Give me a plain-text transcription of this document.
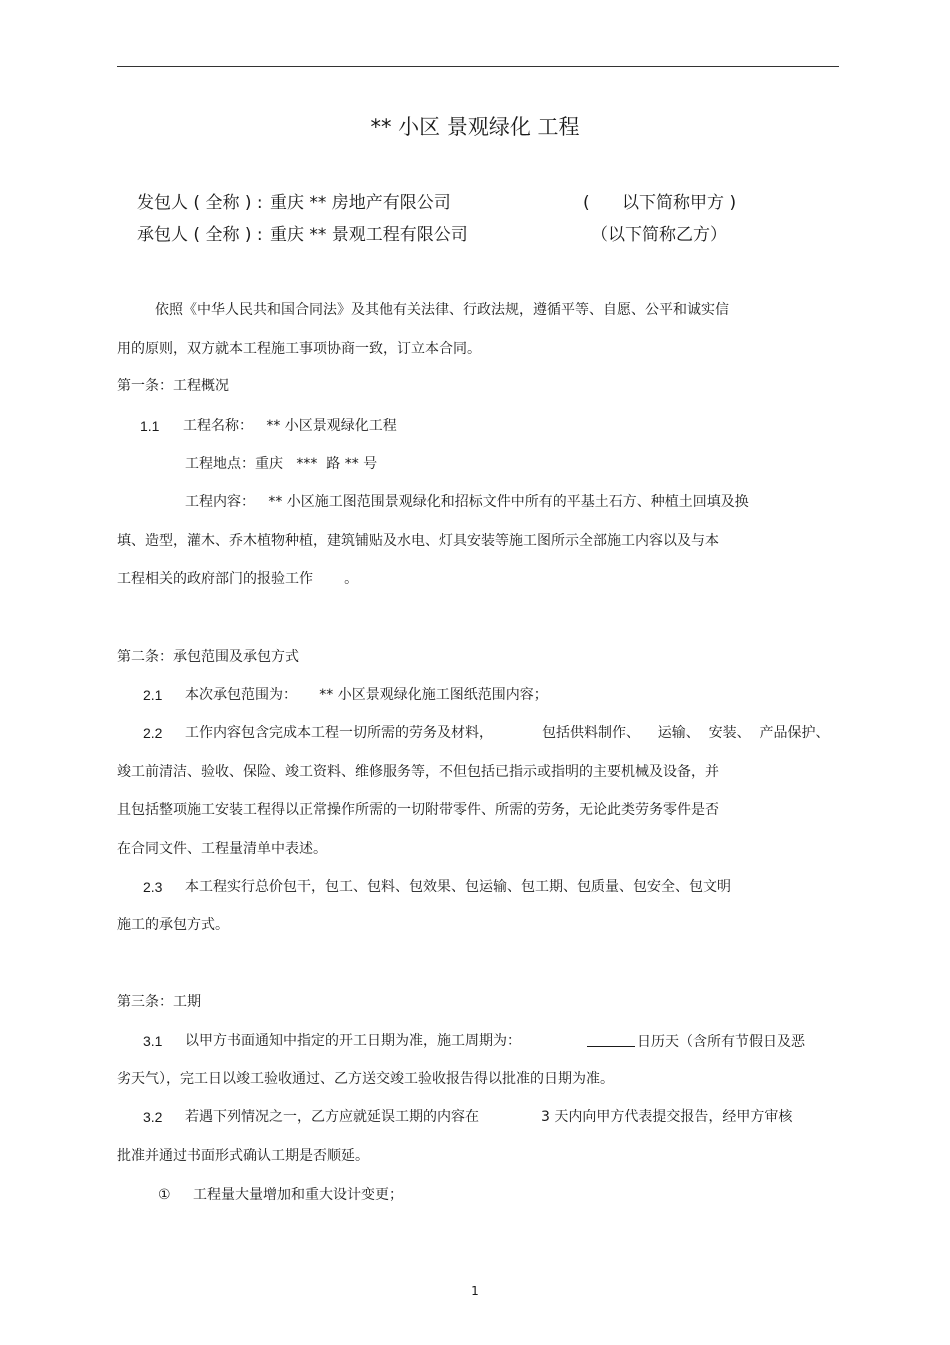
** 小区 景观绿化 工程
发包人 ( 全称 ) : 重庆 ** 房地产有限公司	(      以下简称甲方 )
承包人 ( 全称 ) : 重庆 ** 景观工程有限公司	（以下简称乙方）
依照《中华人民共和国合同法》及其他有关法律、行政法规，遵循平等、自愿、公平和诚实信
用的原则，双方就本工程施工事项协商一致，订立本合同。
第一条：工程概况
1.1 工程名称：   ** 小区景观绿化工程
工程地点：重庆   ***  路 ** 号
工程内容：   ** 小区施工图范围景观绿化和招标文件中所有的平基土石方、种植土回填及换
填、造型，灌木、乔木植物种植，建筑铺贴及水电、灯具安装等施工图所示全部施工内容以及与本
工程相关的政府部门的报验工作       。
第二条：承包范围及承包方式
2.1 本次承包范围为：     ** 小区景观绿化施工图纸范围内容；
2.2 工作内容包含完成本工程一切所需的劳务及材料，           包括供料制作、    运输、  安装、  产品保护、
竣工前清洁、验收、保险、竣工资料、维修服务等，不但包括已指示或指明的主要机械及设备，并
且包括整项施工安装工程得以正常操作所需的一切附带零件、所需的劳务，无论此类劳务零件是否
在合同文件、工程量清单中表述。
2.3 本工程实行总价包干，包工、包料、包效果、包运输、包工期、包质量、包安全、包文明
施工的承包方式。
第三条：工期
3.1 以甲方书面通知中指定的开工日期为准，施工周期为：	日历天（含所有节假日及恶
劣天气），完工日以竣工验收通过、乙方送交竣工验收报告得以批准的日期为准。
3.2 若遇下列情况之一，乙方应就延误工期的内容在	3 天内向甲方代表提交报告，经甲方审核
批准并通过书面形式确认工期是否顺延。
① 工程量大量增加和重大设计变更；
1
